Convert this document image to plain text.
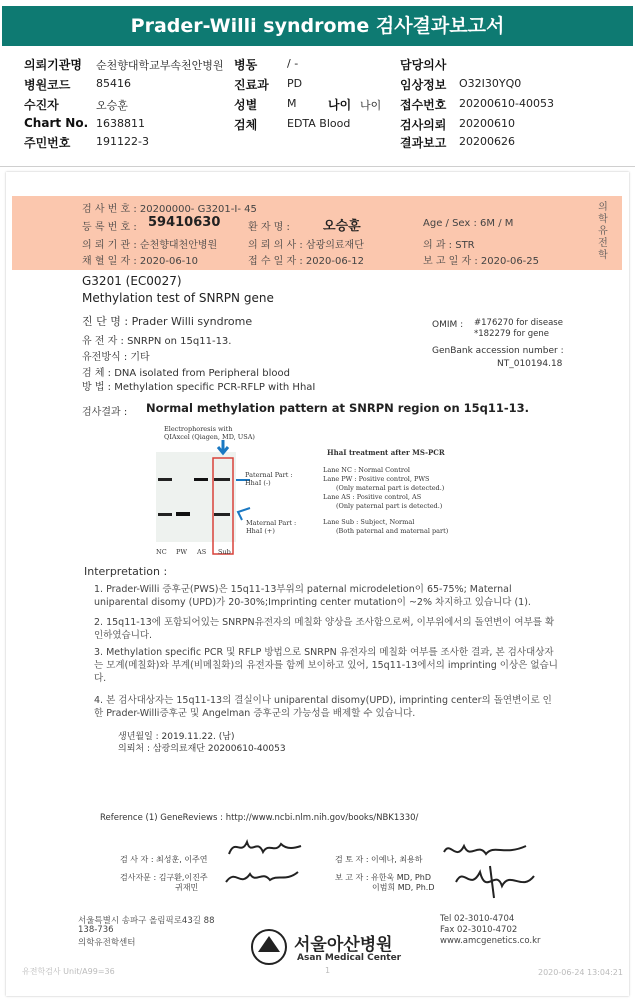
Prader-Willi syndrome 검사결과보고서
의뢰기관명 순천향대학교부속천안병원 병동	/ -	담당의사
병원코드 85416	진료과 PD	임상정보 O32I30YQ0
수진자	오승훈	성별	M	나이 나이 접수번호 20200610-40053
Chart No. 1638811	검체	EDTA Blood	검사의뢰 20200610
주민번호 191122-3	결과보고 20200626
검 사 번 호 : 20200000- G3201-I- 45
등 록 번 호 : 59410630	환 자 명 :	오승훈	Age / Sex : 6M / M
의 뢰 기 관 : 순천향대천안병원	의 뢰 의 사 : 삼광의료재단	의 과 : STR
채 혈 일 자 : 2020-06-10	접 수 일 자 : 2020-06-12	보 고 일 자 : 2020-06-25
의학유전학
G3201 (EC0027)
Methylation test of SNRPN gene
진 단 명 : Prader Willi syndrome
유 전 자 : SNRPN on 15q11-13.
유전방식 : 기타
검 체 : DNA isolated from Peripheral blood
방 법 : Methylation specific PCR-RFLP with HhaI
OMIM : #176270 for disease
*182279 for gene
GenBank accession number :
NT_010194.18
검사결과 : Normal methylation pattern at SNRPN region on 15q11-13.
Electrophoresis with
QIAxcel (Qiagen, MD, USA)
NC PW AS Sub
Paternal Part :
HhaI (-)
Maternal Part :
HhaI (+)
HhaI treatment after MS-PCR
Lane NC : Normal Control
Lane PW : Positive control, PWS
(Only maternal part is detected.)
Lane AS : Positive control, AS
(Only paternal part is detected.)
Lane Sub : Subject, Normal
(Both paternal and maternal part)
Interpretation :
1. Prader-Willi 증후군(PWS)은 15q11-13부위의 paternal microdeletion이 65-75%; Maternal uniparental disomy (UPD)가 20-30%;Imprinting center mutation이 ~2% 차지하고 있습니다 (1).
2. 15q11-13에 포함되어있는 SNRPN유전자의 메칠화 양상을 조사함으로써, 이부위에서의 돌연변이 여부를 확인하였습니다.
3. Methylation specific PCR 및 RFLP 방법으로 SNRPN 유전자의 메칠화 여부를 조사한 결과, 본 검사대상자는 모계(메칠화)와 부계(비메칠화)의 유전자를 함께 보이하고 있어, 15q11-13에서의 imprinting 이상은 없습니다.
4. 본 검사대상자는 15q11-13의 결실이나 uniparental disomy(UPD), imprinting center의 돌연변이로 인한 Prader-Willi증후군 및 Angelman 증후군의 가능성을 배제할 수 있습니다.
생년월일 : 2019.11.22. (남)
의뢰처 : 삼광의료재단 20200610-40053
Reference (1) GeneReviews : http://www.ncbi.nlm.nih.gov/books/NBK1330/
검 사 자 : 최성훈, 이주연	검 토 자 : 이예나, 최용하
검사자문 : 김구환,이진주
귀재민
보 고 자 : 유한욱 MD, PhD
이범희 MD, Ph.D
서울특별시 송파구 올림픽로43길 88
138-736
의학유전학센터	서울아산병원
Asan Medical Center
Tel 02-3010-4704
Fax 02-3010-4702
www.amcgenetics.co.kr
유전학검사 Unit/A99=36	1	2020-06-24 13:04:21
